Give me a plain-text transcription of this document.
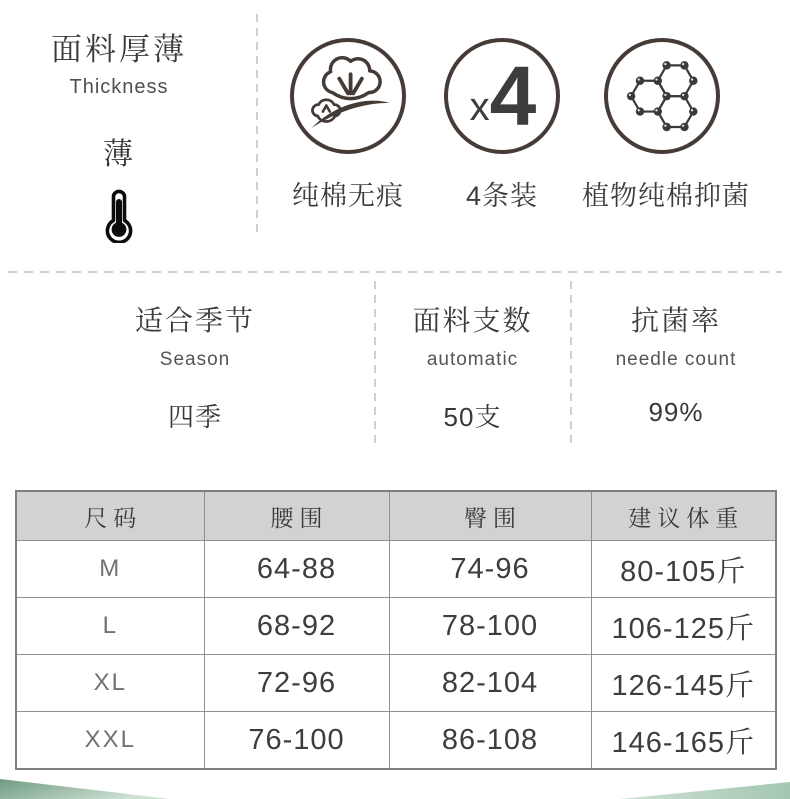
面料厚薄
Thickness
薄
纯棉无痕
x 4
4条装	植物纯棉抑菌
适合季节
Season
四季
面料支数
automatic
50支
抗菌率
needle count
99%
尺码	腰围	臀围	建议体重
M	64-88	74-96	80-105斤
L	68-92	78-100	106-125斤
XL	72-96	82-104	126-145斤
XXL	76-100	86-108	146-165斤
